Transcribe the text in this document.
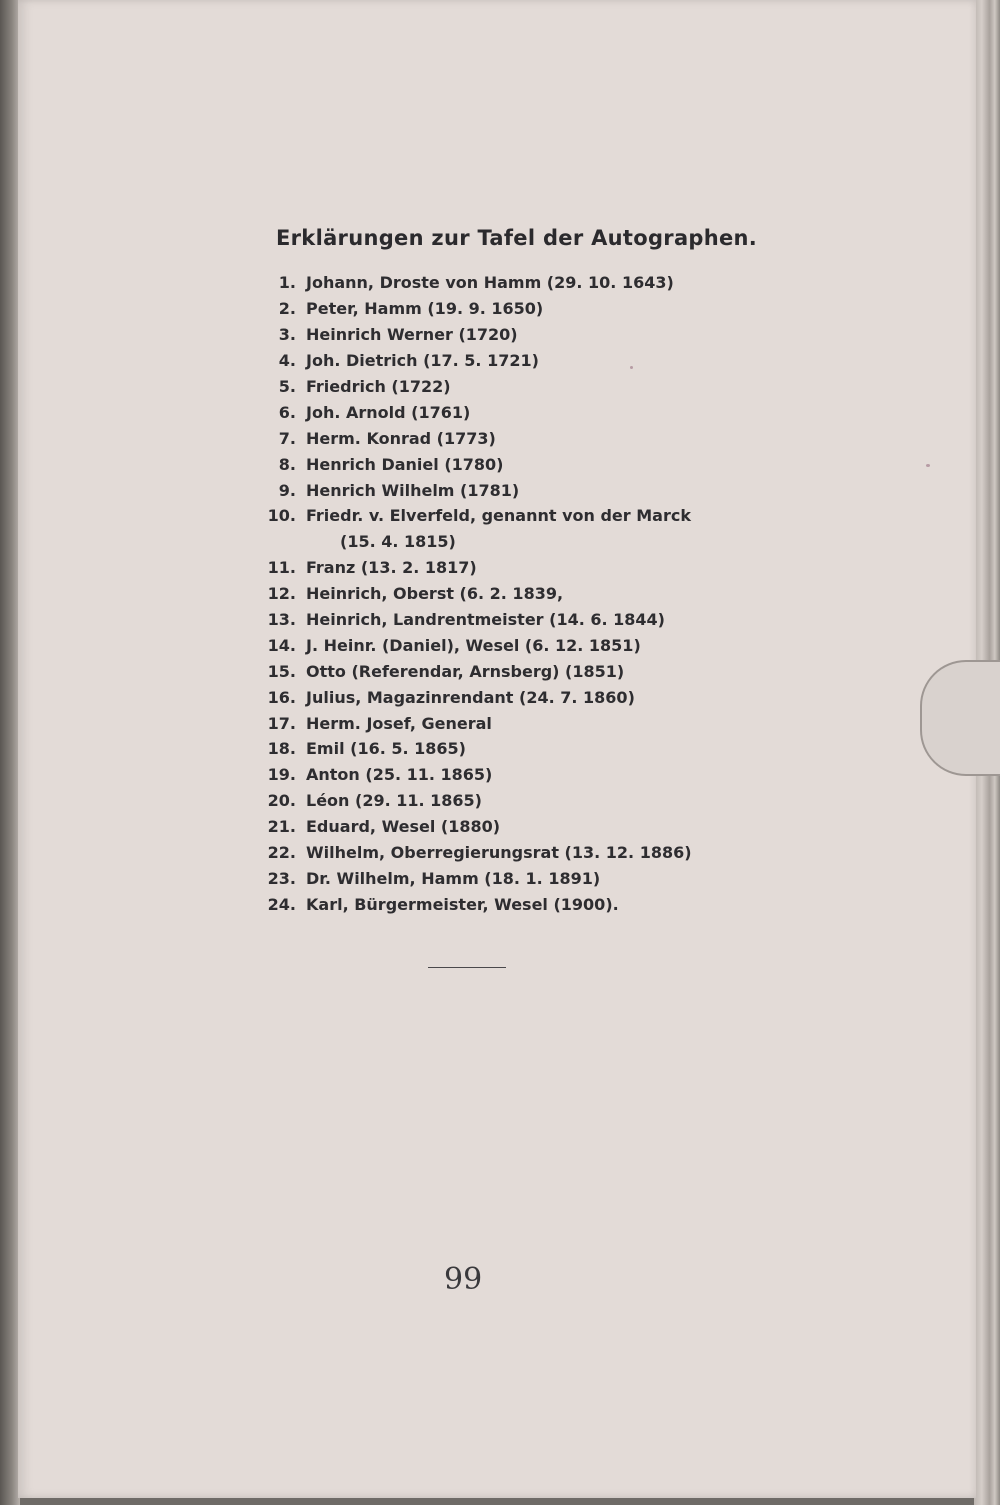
Erklärungen zur Tafel der Autographen.
1. Johann, Droste von Hamm (29. 10. 1643)
2. Peter, Hamm (19. 9. 1650)
3. Heinrich Werner (1720)
4. Joh. Dietrich (17. 5. 1721)
5. Friedrich (1722)
6. Joh. Arnold (1761)
7. Herm. Konrad (1773)
8. Henrich Daniel (1780)
9. Henrich Wilhelm (1781)
10. Friedr. v. Elverfeld, genannt von der Marck
(15. 4. 1815)
11. Franz (13. 2. 1817)
12. Heinrich, Oberst (6. 2. 1839,
13. Heinrich, Landrentmeister (14. 6. 1844)
14. J. Heinr. (Daniel), Wesel (6. 12. 1851)
15. Otto (Referendar, Arnsberg) (1851)
16. Julius, Magazinrendant (24. 7. 1860)
17. Herm. Josef, General
18. Emil (16. 5. 1865)
19. Anton (25. 11. 1865)
20. Léon (29. 11. 1865)
21. Eduard, Wesel (1880)
22. Wilhelm, Oberregierungsrat (13. 12. 1886)
23. Dr. Wilhelm, Hamm (18. 1. 1891)
24. Karl, Bürgermeister, Wesel (1900).
99
